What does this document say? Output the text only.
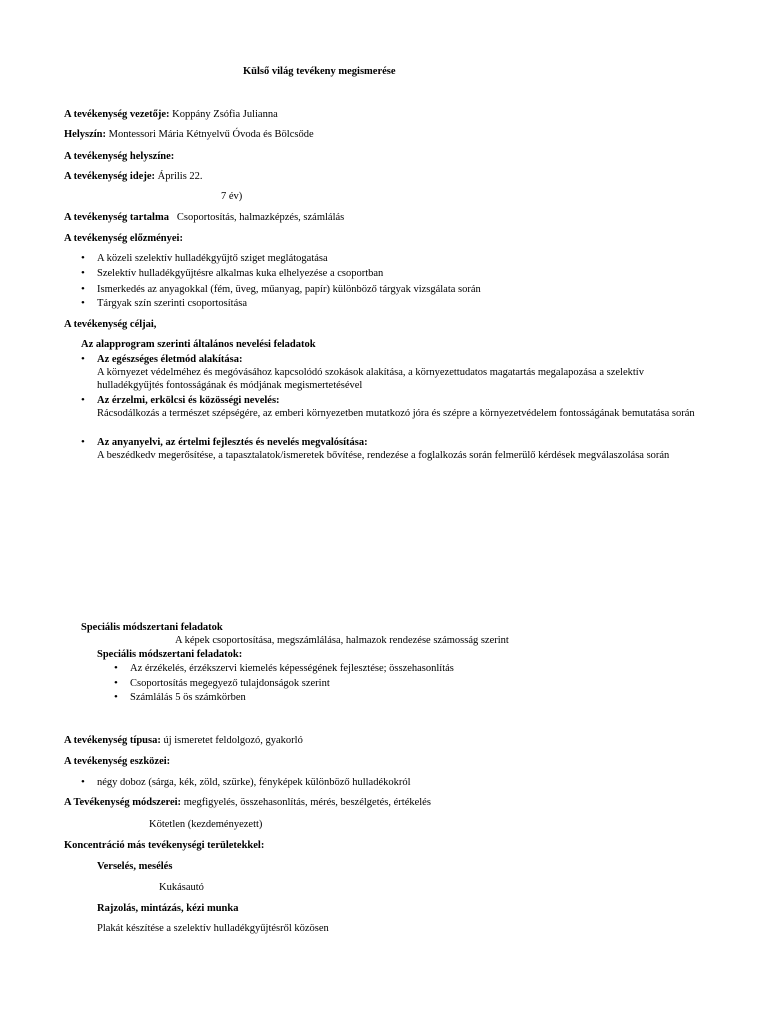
Külső világ tevékeny megismerése
A tevékenység vezetője: Koppány Zsófia Julianna
Helyszín: Montessori Mária Kétnyelvű Óvoda és Bölcsőde
A tevékenység helyszíne:
A tevékenység ideje: Április 22.
7 év)
A tevékenység tartalma Csoportosítás, halmazképzés, számlálás
A tevékenység előzményei:
• A közeli szelektív hulladékgyűjtő sziget meglátogatása
• Szelektív hulladékgyűjtésre alkalmas kuka elhelyezése a csoportban
• Ismerkedés az anyagokkal (fém, üveg, műanyag, papír) különböző tárgyak vizsgálata során
• Tárgyak szín szerinti csoportosítása
A tevékenység céljai,
Az alapprogram szerinti általános nevelési feladatok
• Az egészséges életmód alakítása:
A környezet védelméhez és megóvásához kapcsolódó szokások alakítása, a környezettudatos magatartás megalapozása a szelektív hulladékgyűjtés fontosságának és módjának megismertetésével
• Az érzelmi, erkölcsi és közösségi nevelés:
Rácsodálkozás a természet szépségére, az emberi környezetben mutatkozó jóra és szépre a környezetvédelem fontosságának bemutatása során
• Az anyanyelvi, az értelmi fejlesztés és nevelés megvalósítása:
A beszédkedv megerősítése, a tapasztalatok/ismeretek bővítése, rendezése a foglalkozás során felmerülő kérdések megválaszolása során
Speciális módszertani feladatok
A képek csoportosítása, megszámlálása, halmazok rendezése számosság szerint
Speciális módszertani feladatok:
• Az érzékelés, érzékszervi kiemelés képességének fejlesztése; összehasonlítás
• Csoportosítás megegyező tulajdonságok szerint
• Számlálás 5 ös számkörben
A tevékenység típusa: új ismeretet feldolgozó, gyakorló
A tevékenység eszközei:
• négy doboz (sárga, kék, zöld, szürke), fényképek különböző hulladékokról
A Tevékenység módszerei: megfigyelés, összehasonlítás, mérés, beszélgetés, értékelés
Kötetlen (kezdeményezett)
Koncentráció más tevékenységi területekkel:
Verselés, mesélés
Kukásautó
Rajzolás, mintázás, kézi munka
Plakát készítése a szelektív hulladékgyűjtésről közösen
